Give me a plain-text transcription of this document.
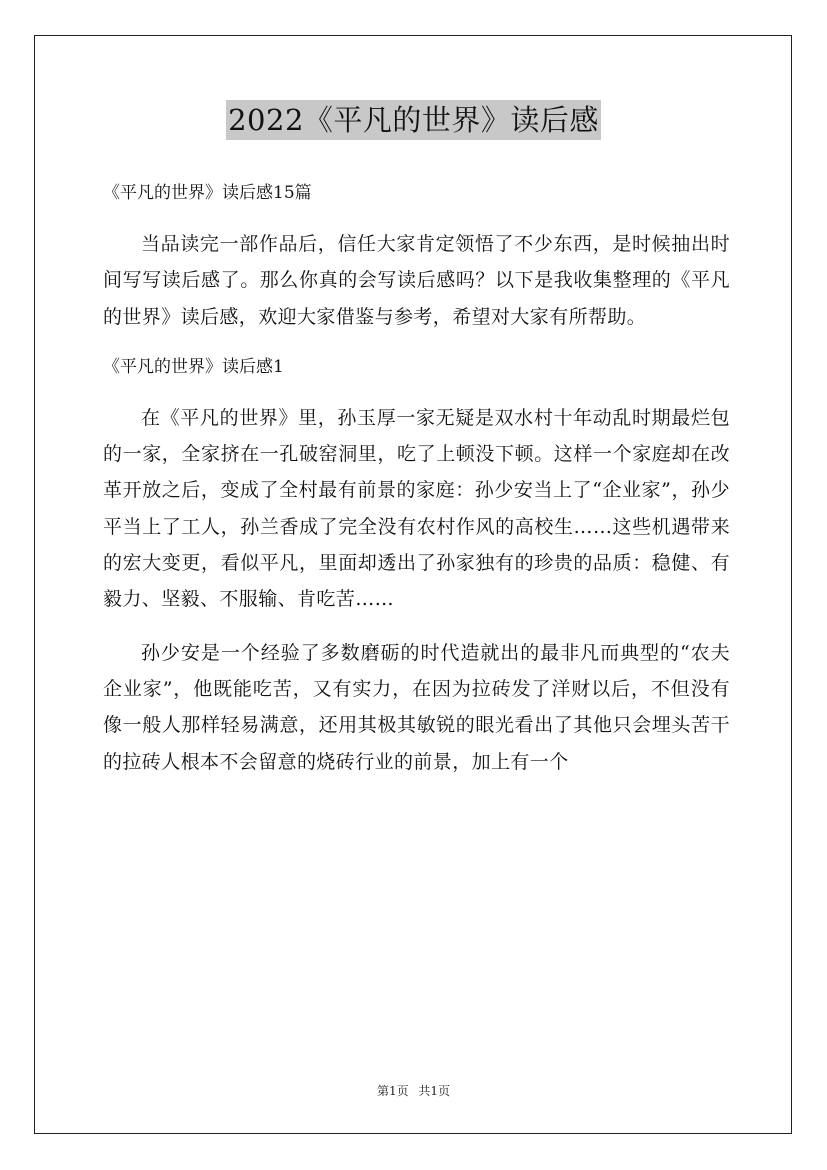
2022《平凡的世界》读后感
《平凡的世界》读后感15篇

当品读完一部作品后，信任大家肯定领悟了不少东西，是时候抽出时间写写读后感了。那么你真的会写读后感吗？以下是我收集整理的《平凡的世界》读后感，欢迎大家借鉴与参考，希望对大家有所帮助。

《平凡的世界》读后感1

在《平凡的世界》里，孙玉厚一家无疑是双水村十年动乱时期最烂包的一家，全家挤在一孔破窑洞里，吃了上顿没下顿。这样一个家庭却在改革开放之后，变成了全村最有前景的家庭：孙少安当上了“企业家”，孙少平当上了工人，孙兰香成了完全没有农村作风的高校生……这些机遇带来的宏大变更，看似平凡，里面却透出了孙家独有的珍贵的品质：稳健、有毅力、坚毅、不服输、肯吃苦……

孙少安是一个经验了多数磨砺的时代造就出的最非凡而典型的“农夫企业家”，他既能吃苦，又有实力，在因为拉砖发了洋财以后，不但没有像一般人那样轻易满意，还用其极其敏锐的眼光看出了其他只会埋头苦干的拉砖人根本不会留意的烧砖行业的前景，加上有一个

第1页 共1页
